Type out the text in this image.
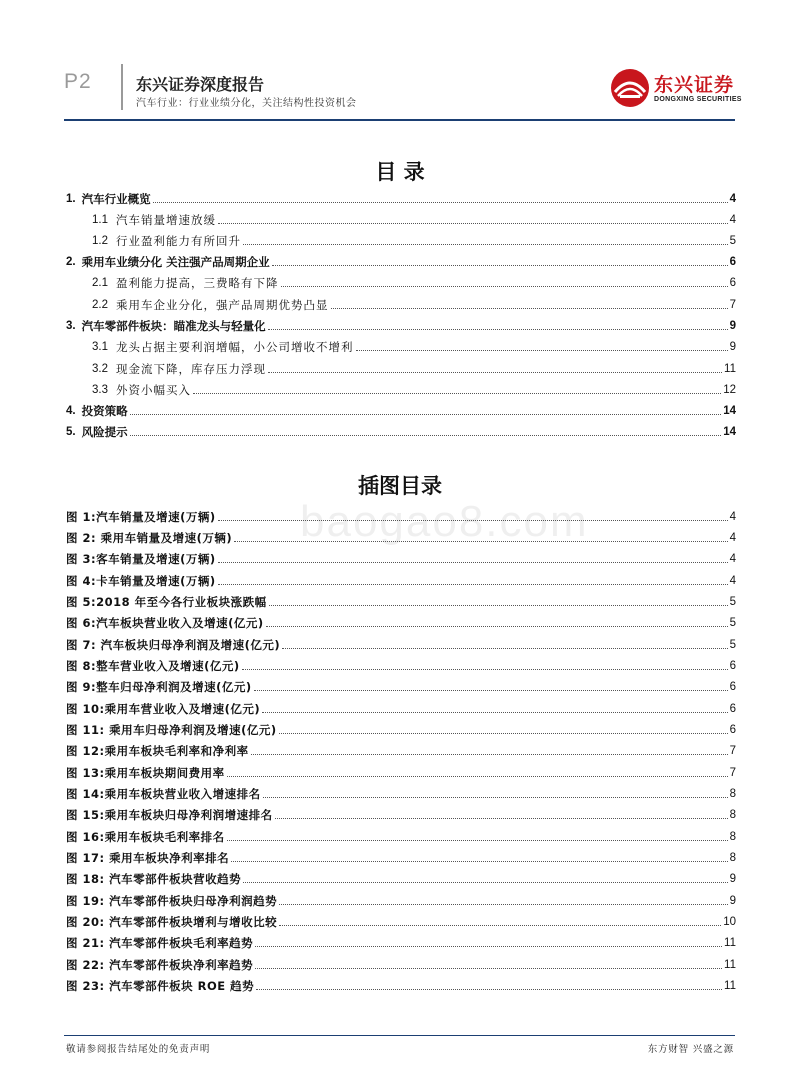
P2	东兴证券深度报告
汽车行业：行业业绩分化，关注结构性投资机会
东兴证券
DONGXING SECURITIES
目 录
1. 汽车行业概览	4
1.1 汽车销量增速放缓	4
1.2 行业盈利能力有所回升	5
2. 乘用车业绩分化 关注强产品周期企业	6
2.1 盈利能力提高，三费略有下降	6
2.2 乘用车企业分化，强产品周期优势凸显	7
3. 汽车零部件板块：瞄准龙头与轻量化	9
3.1 龙头占据主要利润增幅，小公司增收不增利	9
3.2 现金流下降，库存压力浮现	11
3.3 外资小幅买入	12
4. 投资策略	14
5. 风险提示	14
插图目录
baogao8.com
图 1:汽车销量及增速(万辆)	4
图 2: 乘用车销量及增速(万辆)	4
图 3:客车销量及增速(万辆)	4
图 4:卡车销量及增速(万辆)	4
图 5:2018 年至今各行业板块涨跌幅	5
图 6:汽车板块营业收入及增速(亿元)	5
图 7: 汽车板块归母净利润及增速(亿元)	5
图 8:整车营业收入及增速(亿元)	6
图 9:整车归母净利润及增速(亿元)	6
图 10:乘用车营业收入及增速(亿元)	6
图 11: 乘用车归母净利润及增速(亿元)	6
图 12:乘用车板块毛利率和净利率	7
图 13:乘用车板块期间费用率	7
图 14:乘用车板块营业收入增速排名	8
图 15:乘用车板块归母净利润增速排名	8
图 16:乘用车板块毛利率排名	8
图 17: 乘用车板块净利率排名	8
图 18: 汽车零部件板块营收趋势	9
图 19: 汽车零部件板块归母净利润趋势	9
图 20: 汽车零部件板块增利与增收比较	10
图 21: 汽车零部件板块毛利率趋势	11
图 22: 汽车零部件板块净利率趋势	11
图 23: 汽车零部件板块 ROE 趋势	11
敬请参阅报告结尾处的免责声明	东方财智 兴盛之源
